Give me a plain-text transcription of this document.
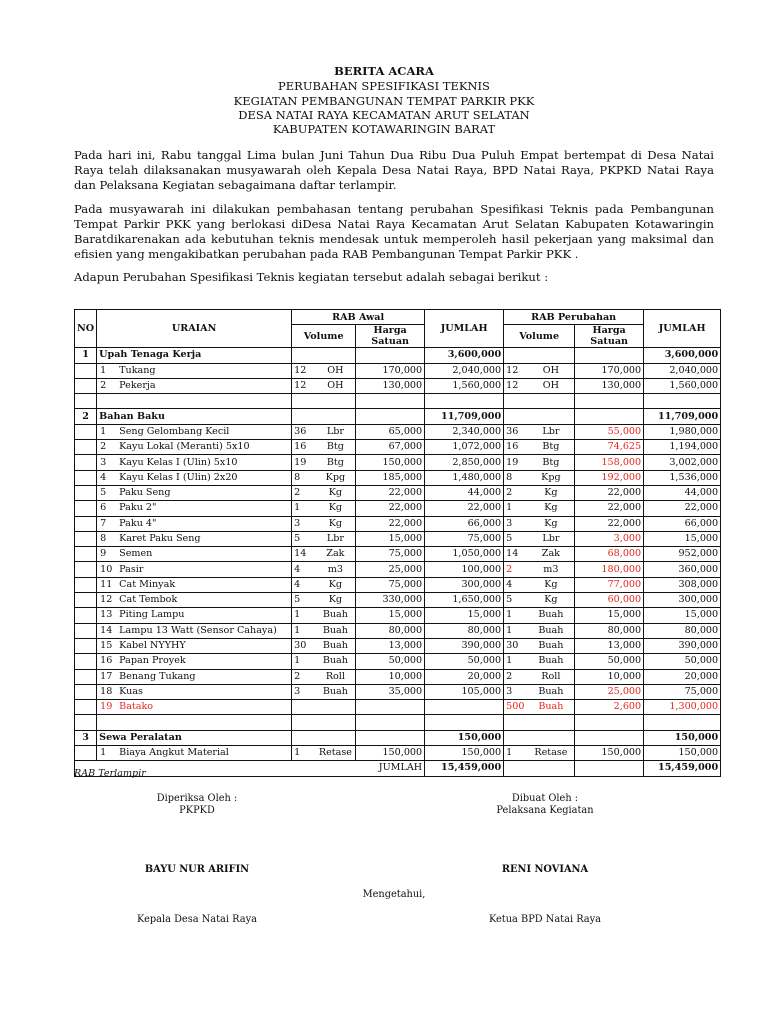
BERITA ACARA
PERUBAHAN SPESIFIKASI TEKNIS
KEGIATAN PEMBANGUNAN TEMPAT PARKIR PKK
DESA NATAI RAYA KECAMATAN ARUT SELATAN
KABUPATEN KOTAWARINGIN BARAT
Pada hari ini, Rabu tanggal Lima bulan Juni Tahun Dua Ribu Dua Puluh Empat bertempat di Desa Natai Raya telah dilaksanakan musyawarah oleh Kepala Desa Natai Raya, BPD Natai Raya, PKPKD Natai Raya dan Pelaksana Kegiatan sebagaimana daftar terlampir.
Pada musyawarah ini dilakukan pembahasan tentang perubahan Spesifikasi Teknis pada Pembangunan Tempat Parkir PKK yang berlokasi diDesa Natai Raya Kecamatan Arut Selatan Kabupaten Kotawaringin Baratdikarenakan ada kebutuhan teknis mendesak untuk memperoleh hasil pekerjaan yang maksimal dan efisien yang mengakibatkan perubahan pada RAB Pembangunan Tempat Parkir PKK .
Adapun Perubahan Spesifikasi Teknis kegiatan tersebut adalah sebagai berikut :
NO	URAIAN	RAB Awal			JUMLAH	RAB Perubahan			JUMLAH
		Volume		Harga Satuan		Volume		Harga Satuan	
1	Upah Tenaga Kerja				3,600,000				3,600,000
	1 Tukang	12	OH	170,000	2,040,000	12	OH	170,000	2,040,000
	2 Pekerja	12	OH	130,000	1,560,000	12	OH	130,000	1,560,000

2	Bahan Baku				11,709,000				11,709,000
	1 Seng Gelombang Kecil	36	Lbr	65,000	2,340,000	36	Lbr	55,000	1,980,000
	2 Kayu Lokal (Meranti) 5x10	16	Btg	67,000	1,072,000	16	Btg	74,625	1,194,000
	3 Kayu Kelas I (Ulin) 5x10	19	Btg	150,000	2,850,000	19	Btg	158,000	3,002,000
	4 Kayu Kelas I (Ulin) 2x20	8	Kpg	185,000	1,480,000	8	Kpg	192,000	1,536,000
	5 Paku Seng	2	Kg	22,000	44,000	2	Kg	22,000	44,000
	6 Paku 2"	1	Kg	22,000	22,000	1	Kg	22,000	22,000
	7 Paku 4"	3	Kg	22,000	66,000	3	Kg	22,000	66,000
	8 Karet Paku Seng	5	Lbr	15,000	75,000	5	Lbr	3,000	15,000
	9 Semen	14	Zak	75,000	1,050,000	14	Zak	68,000	952,000
	10 Pasir	4	m3	25,000	100,000	2	m3	180,000	360,000
	11 Cat Minyak	4	Kg	75,000	300,000	4	Kg	77,000	308,000
	12 Cat Tembok	5	Kg	330,000	1,650,000	5	Kg	60,000	300,000
	13 Piting Lampu	1	Buah	15,000	15,000	1	Buah	15,000	15,000
	14 Lampu 13 Watt (Sensor Cahaya)	1	Buah	80,000	80,000	1	Buah	80,000	80,000
	15 Kabel NYYHY	30	Buah	13,000	390,000	30	Buah	13,000	390,000
	16 Papan Proyek	1	Buah	50,000	50,000	1	Buah	50,000	50,000
	17 Benang Tukang	2	Roll	10,000	20,000	2	Roll	10,000	20,000
	18 Kuas	3	Buah	35,000	105,000	3	Buah	25,000	75,000
	19 Batako					500	Buah	2,600	1,300,000

3	Sewa Peralatan				150,000				150,000
	1 Biaya Angkut Material	1	Retase	150,000	150,000	1	Retase	150,000	150,000
JUMLAH					15,459,000				15,459,000
RAB Terlampir
Diperiksa Oleh :
PKPKD
BAYU NUR ARIFIN
Dibuat Oleh :
Pelaksana Kegiatan
RENI NOVIANA
Mengetahui,
Kepala Desa Natai Raya	Ketua BPD Natai Raya
